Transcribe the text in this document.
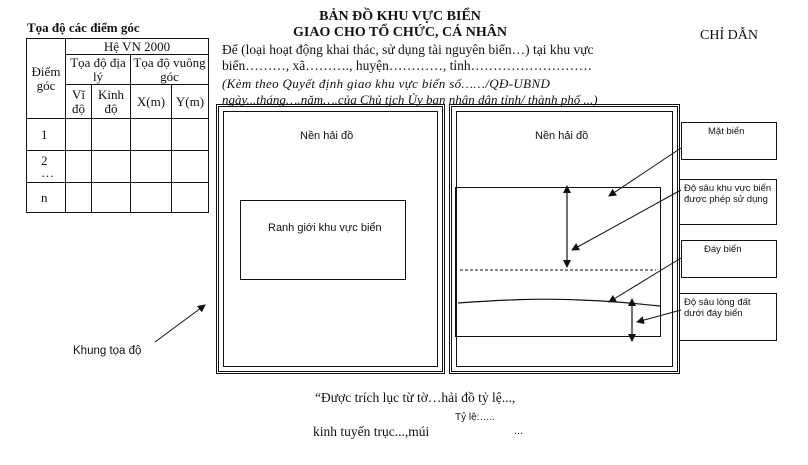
Tọa độ các điểm góc
Điểm góc	Hệ VN 2000			
	Tọa độ địa lý		Tọa độ vuông góc	
	Vĩ độ	Kinh độ	X(m)	Y(m)
1				
2
…				
n				
BẢN ĐỒ KHU VỰC BIỂN
GIAO CHO TỔ CHỨC, CÁ NHÂN	CHỈ DẪN
Để (loại hoạt động khai thác, sử dụng tài nguyên biển…) tại khu vực
biển………, xã………., huyện…………, tỉnh………………………
(Kèm theo Quyết định giao khu vực biển số……/QĐ-UBND
ngày...tháng….năm….của Chủ tịch Ủy ban nhân dân tỉnh/ thành phố ...)
Nền hải đồ
Ranh giới khu vực biển
Nền hải đồ	Mặt biển
Độ sâu khu vực biển được phép sử dụng
Đáy biển
Độ sâu lòng đất dưới đáy biển
Khung tọa độ
“Được trích lục từ tờ…hải đồ tỷ lệ...,
Tỷ lệ:…..
kinh tuyến trục...,múi	...
